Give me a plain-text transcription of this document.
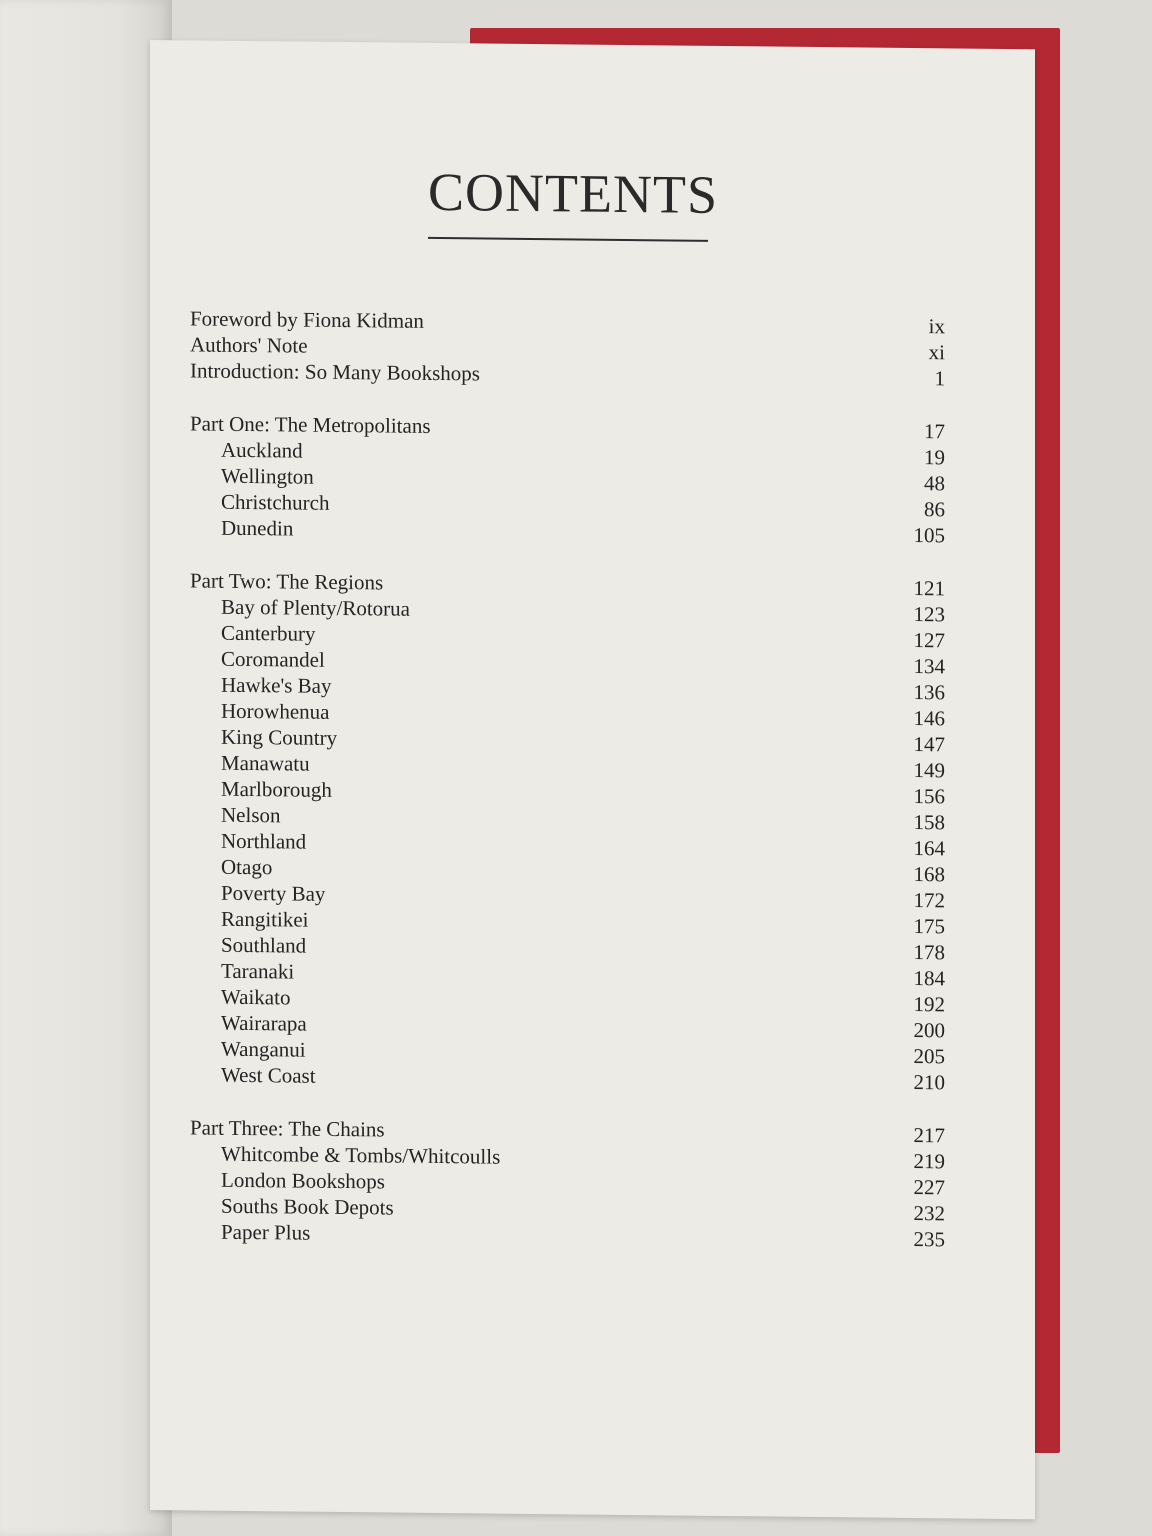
CONTENTS
Foreword by Fiona Kidman	ix
Authors' Note	xi
Introduction: So Many Bookshops	1
Part One: The Metropolitans	17
Auckland	19
Wellington	48
Christchurch	86
Dunedin	105
Part Two: The Regions	121
Bay of Plenty/Rotorua	123
Canterbury	127
Coromandel	134
Hawke's Bay	136
Horowhenua	146
King Country	147
Manawatu	149
Marlborough	156
Nelson	158
Northland	164
Otago	168
Poverty Bay	172
Rangitikei	175
Southland	178
Taranaki	184
Waikato	192
Wairarapa	200
Wanganui	205
West Coast	210
Part Three: The Chains	217
Whitcombe & Tombs/Whitcoulls	219
London Bookshops	227
Souths Book Depots	232
Paper Plus	235
